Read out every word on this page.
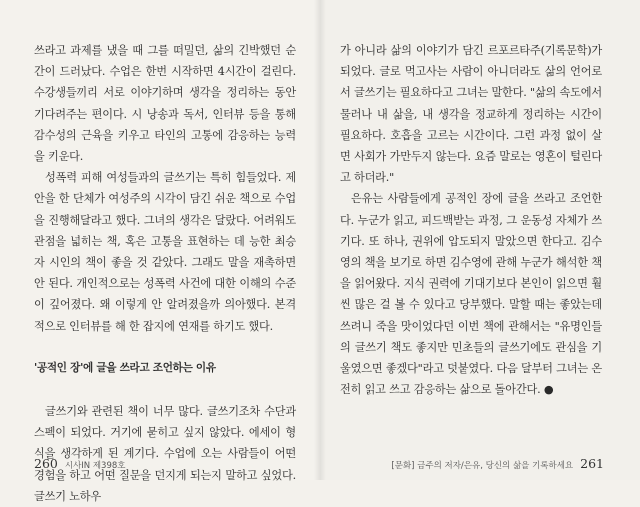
쓰라고 과제를 냈을 때 그를 떠밀던, 삶의 긴박했던 순간이 드러났다. 수업은 한번 시작하면 4시간이 걸린다. 수강생들끼리 서로 이야기하며 생각을 정리하는 동안 기다려주는 편이다. 시 낭송과 독서, 인터뷰 등을 통해 감수성의 근육을 키우고 타인의 고통에 감응하는 능력을 키운다.

성폭력 피해 여성들과의 글쓰기는 특히 힘들었다. 제안을 한 단체가 여성주의 시각이 담긴 쉬운 책으로 수업을 진행해달라고 했다. 그녀의 생각은 달랐다. 어려워도 관점을 넓히는 책, 혹은 고통을 표현하는 데 능한 최승자 시인의 책이 좋을 것 같았다. 그래도 말을 재촉하면 안 된다. 개인적으로는 성폭력 사건에 대한 이해의 수준이 깊어졌다. 왜 이렇게 안 알려졌을까 의아했다. 본격적으로 인터뷰를 해 한 잡지에 연재를 하기도 했다.

'공적인 장'에 글을 쓰라고 조언하는 이유

글쓰기와 관련된 책이 너무 많다. 글쓰기조차 수단과 스펙이 되었다. 거기에 묻히고 싶지 않았다. 에세이 형식을 생각하게 된 계기다. 수업에 오는 사람들이 어떤 경험을 하고 어떤 질문을 던지게 되는지 말하고 싶었다. 글쓰기 노하우

260 시사IN 제398호

가 아니라 삶의 이야기가 담긴 르포르타주(기록문학)가 되었다. 글로 먹고사는 사람이 아니더라도 삶의 언어로서 글쓰기는 필요하다고 그녀는 말한다. "삶의 속도에서 물러나 내 삶을, 내 생각을 정교하게 정리하는 시간이 필요하다. 호흡을 고르는 시간이다. 그런 과정 없이 살면 사회가 가만두지 않는다. 요즘 말로는 영혼이 털린다고 하더라."

은유는 사람들에게 공적인 장에 글을 쓰라고 조언한다. 누군가 읽고, 피드백받는 과정, 그 운동성 자체가 쓰기다. 또 하나, 권위에 압도되지 말았으면 한다고. 김수영의 책을 보기로 하면 김수영에 관해 누군가 해석한 책을 읽어왔다. 지식 권력에 기대기보다 본인이 읽으면 훨씬 많은 걸 볼 수 있다고 당부했다. 말할 때는 좋았는데 쓰려니 죽을 맛이었다던 이번 책에 관해서는 "유명인들의 글쓰기 책도 좋지만 민초들의 글쓰기에도 관심을 기울였으면 좋겠다"라고 덧붙였다. 다음 달부터 그녀는 온전히 읽고 쓰고 감응하는 삶으로 돌아간다. ●

[문화] 금주의 저자/은유, 당신의 삶을 기록하세요 261
